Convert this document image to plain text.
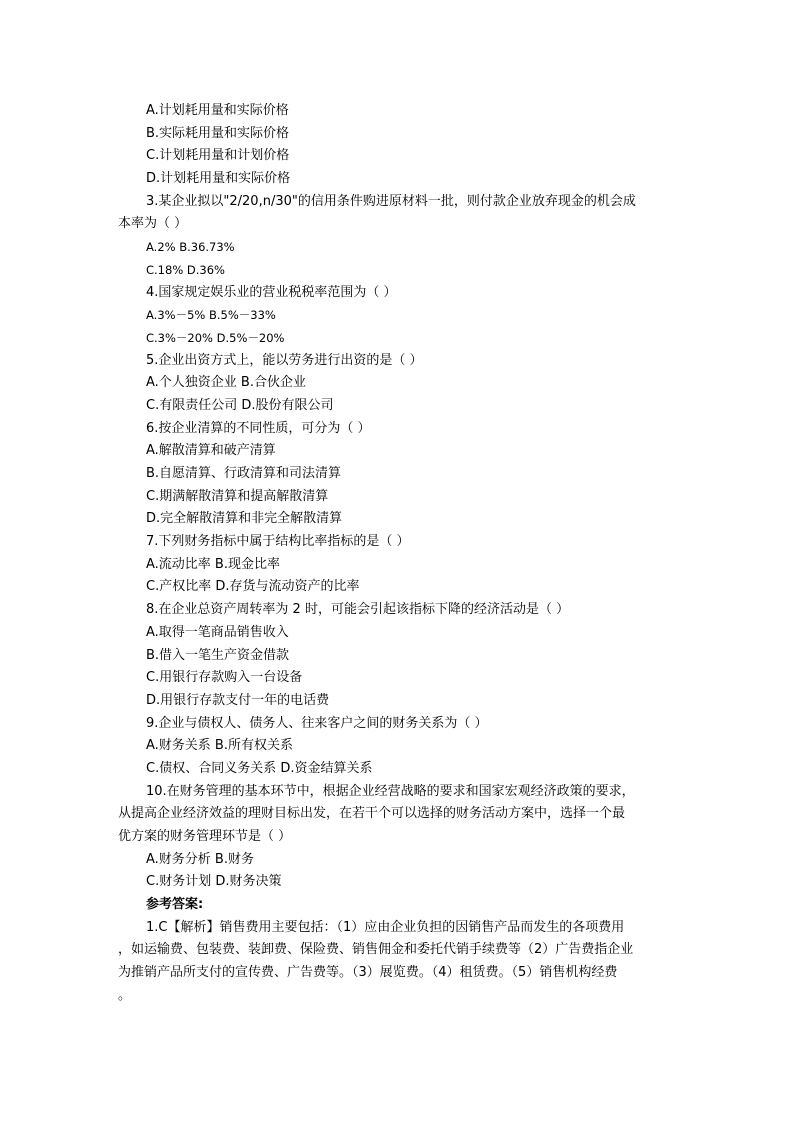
A.计划耗用量和实际价格
B.实际耗用量和实际价格
C.计划耗用量和计划价格
D.计划耗用量和实际价格
3.某企业拟以"2/20,n/30"的信用条件购进原材料一批，则付款企业放弃现金的机会成
本率为（ ）
A.2% B.36.73%
C.18% D.36%
4.国家规定娱乐业的营业税税率范围为（ ）
A.3%－5% B.5%－33%
C.3%－20% D.5%－20%
5.企业出资方式上，能以劳务进行出资的是（ ）
A.个人独资企业 B.合伙企业
C.有限责任公司 D.股份有限公司
6.按企业清算的不同性质，可分为（ ）
A.解散清算和破产清算
B.自愿清算、行政清算和司法清算
C.期满解散清算和提高解散清算
D.完全解散清算和非完全解散清算
7.下列财务指标中属于结构比率指标的是（ ）
A.流动比率 B.现金比率
C.产权比率 D.存货与流动资产的比率
8.在企业总资产周转率为 2 时，可能会引起该指标下降的经济活动是（ ）
A.取得一笔商品销售收入
B.借入一笔生产资金借款
C.用银行存款购入一台设备
D.用银行存款支付一年的电话费
9.企业与债权人、债务人、往来客户之间的财务关系为（ ）
A.财务关系 B.所有权关系
C.债权、合同义务关系 D.资金结算关系
10.在财务管理的基本环节中，根据企业经营战略的要求和国家宏观经济政策的要求，
从提高企业经济效益的理财目标出发，在若干个可以选择的财务活动方案中，选择一个最
优方案的财务管理环节是（ ）
A.财务分析 B.财务
C.财务计划 D.财务决策
参考答案:
1.C【解析】销售费用主要包括：（1）应由企业负担的因销售产品而发生的各项费用
，如运输费、包装费、装卸费、保险费、销售佣金和委托代销手续费等（2）广告费指企业
为推销产品所支付的宣传费、广告费等。（3）展览费。（4）租赁费。（5）销售机构经费
。
